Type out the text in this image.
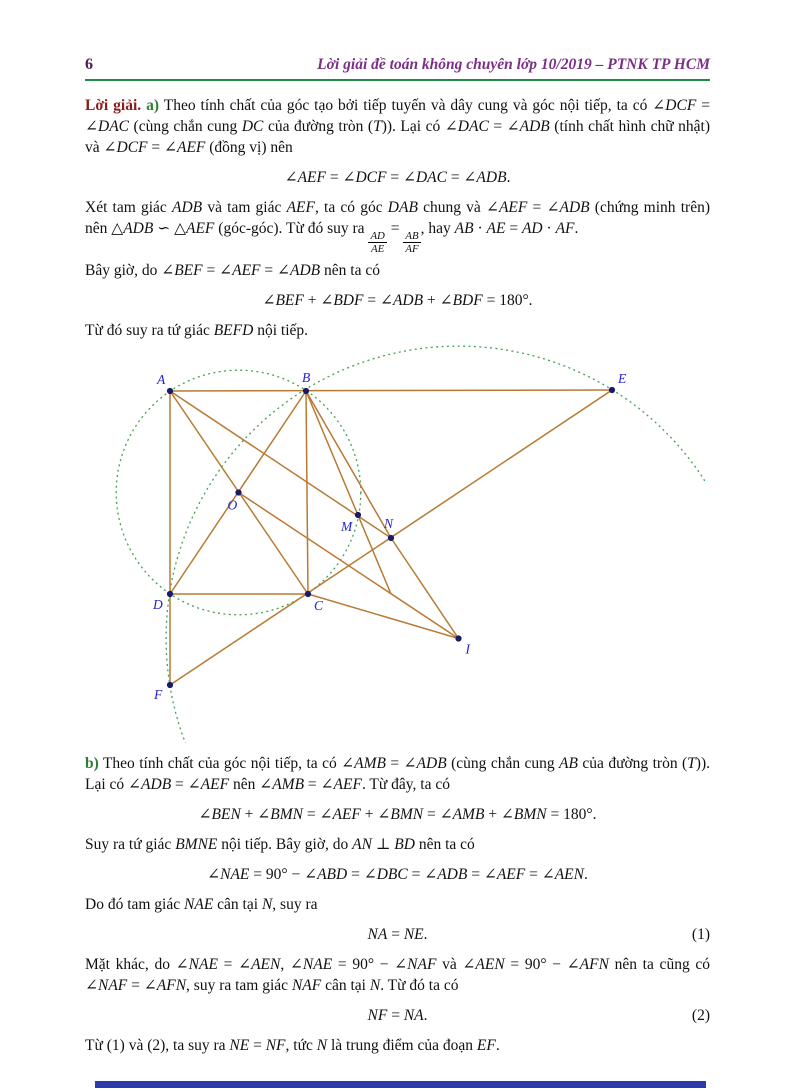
6	Lời giải đề toán không chuyên lớp 10/2019 – PTNK TP HCM
Lời giải. a) Theo tính chất của góc tạo bởi tiếp tuyến và dây cung và góc nội tiếp, ta có ∠DCF = ∠DAC (cùng chắn cung DC của đường tròn (T)). Lại có ∠DAC = ∠ADB (tính chất hình chữ nhật) và ∠DCF = ∠AEF (đồng vị) nên
∠AEF = ∠DCF = ∠DAC = ∠ADB.
Xét tam giác ADB và tam giác AEF, ta có góc DAB chung và ∠AEF = ∠ADB (chứng minh trên) nên △ADB ∽ △AEF (góc-góc). Từ đó suy ra
$\frac{AD}{AE}$
=
$\frac{AB}{AF}$
, hay AB · AE = AD · AF.
Bây giờ, do ∠BEF = ∠AEF = ∠ADB nên ta có
∠BEF + ∠BDF = ∠ADB + ∠BDF = 180°.
Từ đó suy ra tứ giác BEFD nội tiếp.
A	B	E
O
M N
D	C
I
F
b) Theo tính chất của góc nội tiếp, ta có ∠AMB = ∠ADB (cùng chắn cung AB của đường tròn (T)). Lại có ∠ADB = ∠AEF nên ∠AMB = ∠AEF. Từ đây, ta có
∠BEN + ∠BMN = ∠AEF + ∠BMN = ∠AMB + ∠BMN = 180°.
Suy ra tứ giác BMNE nội tiếp. Bây giờ, do AN ⊥ BD nên ta có
∠NAE = 90° − ∠ABD = ∠DBC = ∠ADB = ∠AEF = ∠AEN.
Do đó tam giác NAE cân tại N, suy ra
NA = NE.	(1)
Mặt khác, do ∠NAE = ∠AEN, ∠NAE = 90° − ∠NAF và ∠AEN = 90° − ∠AFN nên ta cũng có ∠NAF = ∠AFN, suy ra tam giác NAF cân tại N. Từ đó ta có
NF = NA.	(2)
Từ (1) và (2), ta suy ra NE = NF, tức N là trung điểm của đoạn EF.
